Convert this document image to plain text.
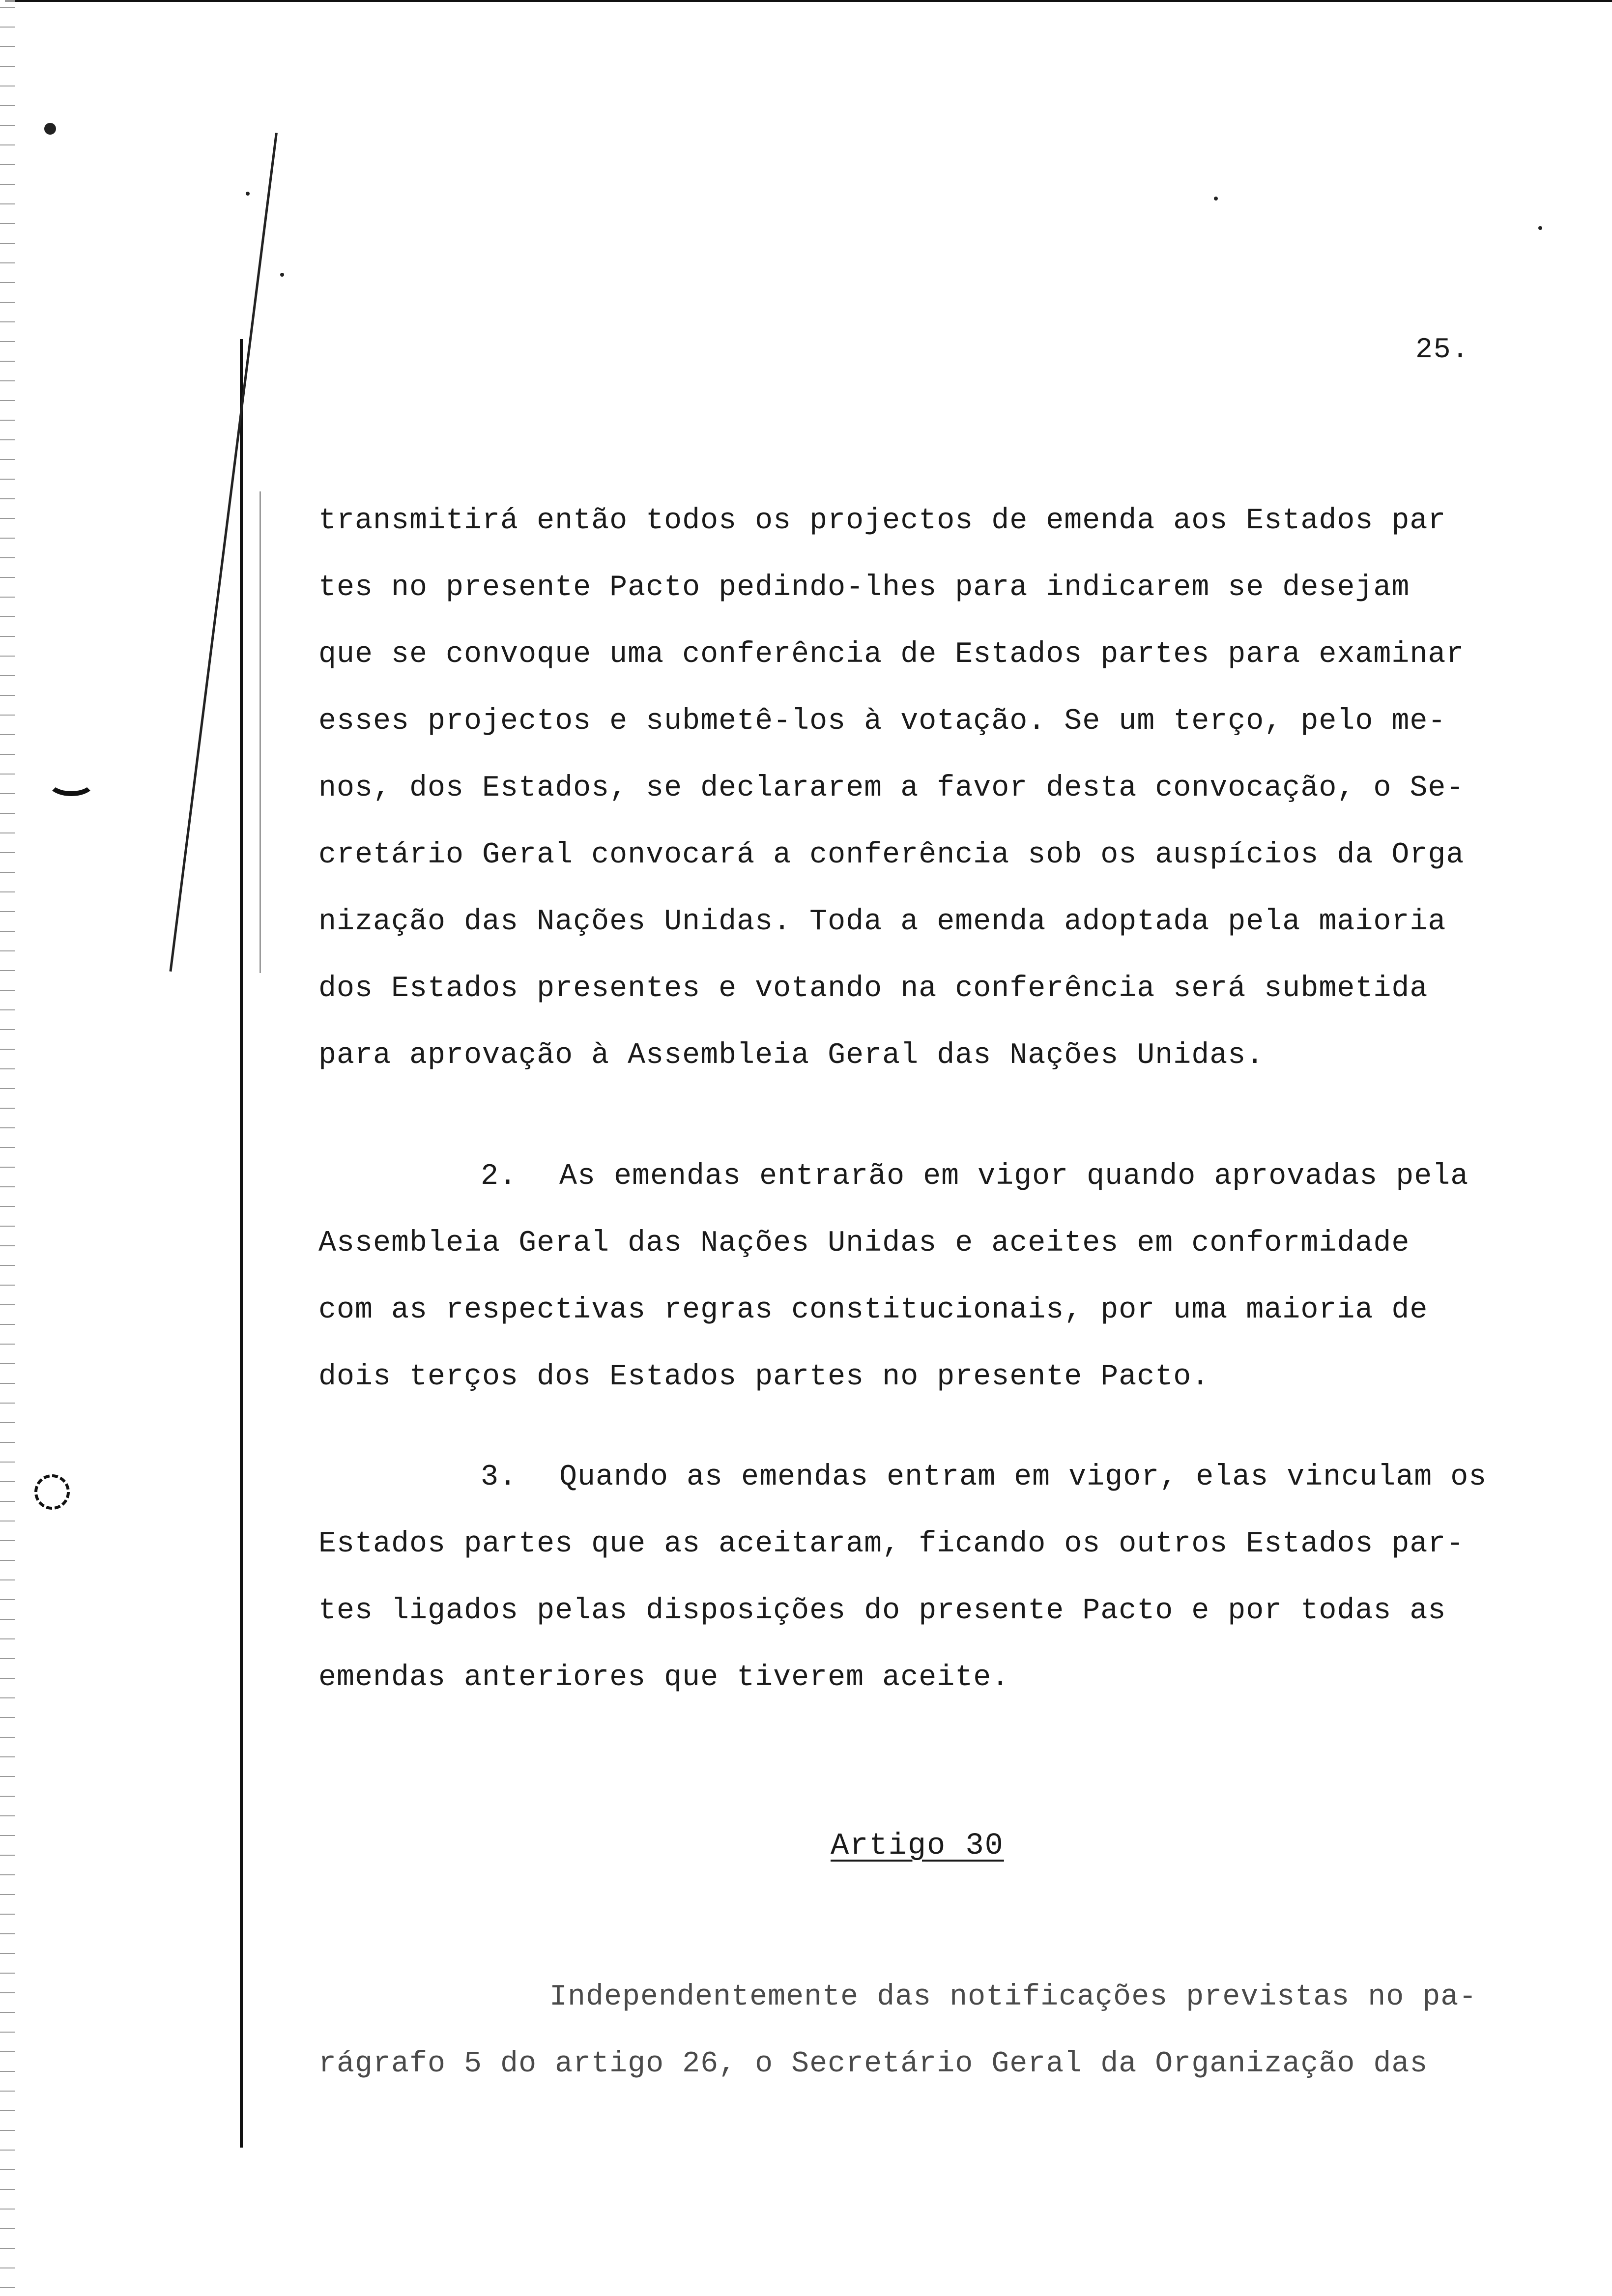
25.
transmitirá então todos os projectos de emenda aos Estados par
tes no presente Pacto pedindo-lhes para indicarem se desejam
que se convoque uma conferência de Estados partes para examinar
esses projectos e submetê-los à votação. Se um terço, pelo me-
nos, dos Estados, se declararem a favor desta convocação, o Se-
cretário Geral convocará a conferência sob os auspícios da Orga
nização das Nações Unidas. Toda a emenda adoptada pela maioria
dos Estados presentes e votando na conferência será submetida
para aprovação à Assembleia Geral das Nações Unidas.
2. As emendas entrarão em vigor quando aprovadas pela
Assembleia Geral das Nações Unidas e aceites em conformidade
com as respectivas regras constitucionais, por uma maioria de
dois terços dos Estados partes no presente Pacto.
3. Quando as emendas entram em vigor, elas vinculam os
Estados partes que as aceitaram, ficando os outros Estados par-
tes ligados pelas disposições do presente Pacto e por todas as
emendas anteriores que tiverem aceite.
Artigo 30
Independentemente das notificações previstas no pa-
rágrafo 5 do artigo 26, o Secretário Geral da Organização das
